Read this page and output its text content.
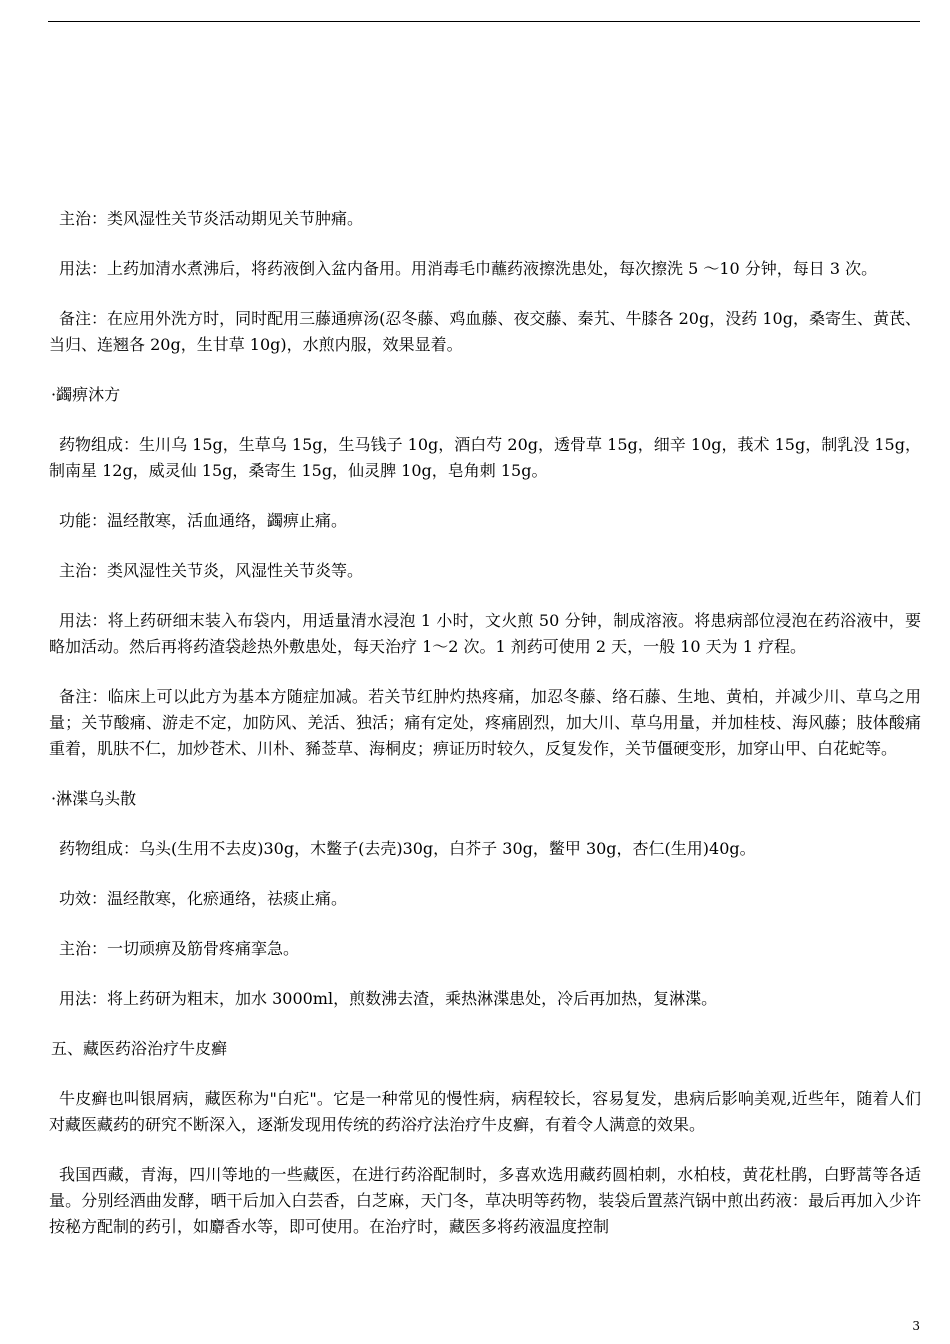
主治：类风湿性关节炎活动期见关节肿痛。

用法：上药加清水煮沸后，将药液倒入盆内备用。用消毒毛巾蘸药液擦洗患处，每次擦洗 5 ～10 分钟，每日 3 次。

备注：在应用外洗方时，同时配用三藤通痹汤(忍冬藤、鸡血藤、夜交藤、秦艽、牛膝各 20g，没药 10g，桑寄生、黄芪、当归、连翘各 20g，生甘草 10g)，水煎内服，效果显着。

·蠲痹沐方

药物组成：生川乌 15g，生草乌 15g，生马钱子 10g，酒白芍 20g，透骨草 15g，细辛 10g，莪术 15g，制乳没 15g，制南星 12g，威灵仙 15g，桑寄生 15g，仙灵脾 10g，皂角刺 15g。

功能：温经散寒，活血通络，蠲痹止痛。

主治：类风湿性关节炎，风湿性关节炎等。

用法：将上药研细末装入布袋内，用适量清水浸泡 1 小时，文火煎 50 分钟，制成溶液。将患病部位浸泡在药浴液中，要略加活动。然后再将药渣袋趁热外敷患处，每天治疗 1～2 次。1 剂药可使用 2 天，一般 10 天为 1 疗程。

备注：临床上可以此方为基本方随症加减。若关节红肿灼热疼痛，加忍冬藤、络石藤、生地、黄柏，并减少川、草乌之用量；关节酸痛、游走不定，加防风、羌活、独活；痛有定处，疼痛剧烈，加大川、草乌用量，并加桂枝、海风藤；肢体酸痛重着，肌肤不仁，加炒苍术、川朴、豨莶草、海桐皮；痹证历时较久，反复发作，关节僵硬变形，加穿山甲、白花蛇等。

·淋渫乌头散

药物组成：乌头(生用不去皮)30g，木鳖子(去壳)30g，白芥子 30g，鳖甲 30g，杏仁(生用)40g。

功效：温经散寒，化瘀通络，祛痰止痛。

主治：一切顽痹及筋骨疼痛挛急。

用法：将上药研为粗末，加水 3000ml，煎数沸去渣，乘热淋渫患处，冷后再加热，复淋渫。

五、藏医药浴治疗牛皮癣

牛皮癣也叫银屑病，藏医称为"白疕"。它是一种常见的慢性病，病程较长，容易复发，患病后影响美观,近些年，随着人们对藏医藏药的研究不断深入，逐渐发现用传统的药浴疗法治疗牛皮癣，有着令人满意的效果。

我国西藏，青海，四川等地的一些藏医，在进行药浴配制时，多喜欢选用藏药圆柏刺，水柏枝，黄花杜鹃，白野蒿等各适量。分别经酒曲发酵，晒干后加入白芸香，白芝麻，天门冬，草决明等药物，装袋后置蒸汽锅中煎出药液：最后再加入少许按秘方配制的药引，如麝香水等，即可使用。在治疗时，藏医多将药液温度控制

3
